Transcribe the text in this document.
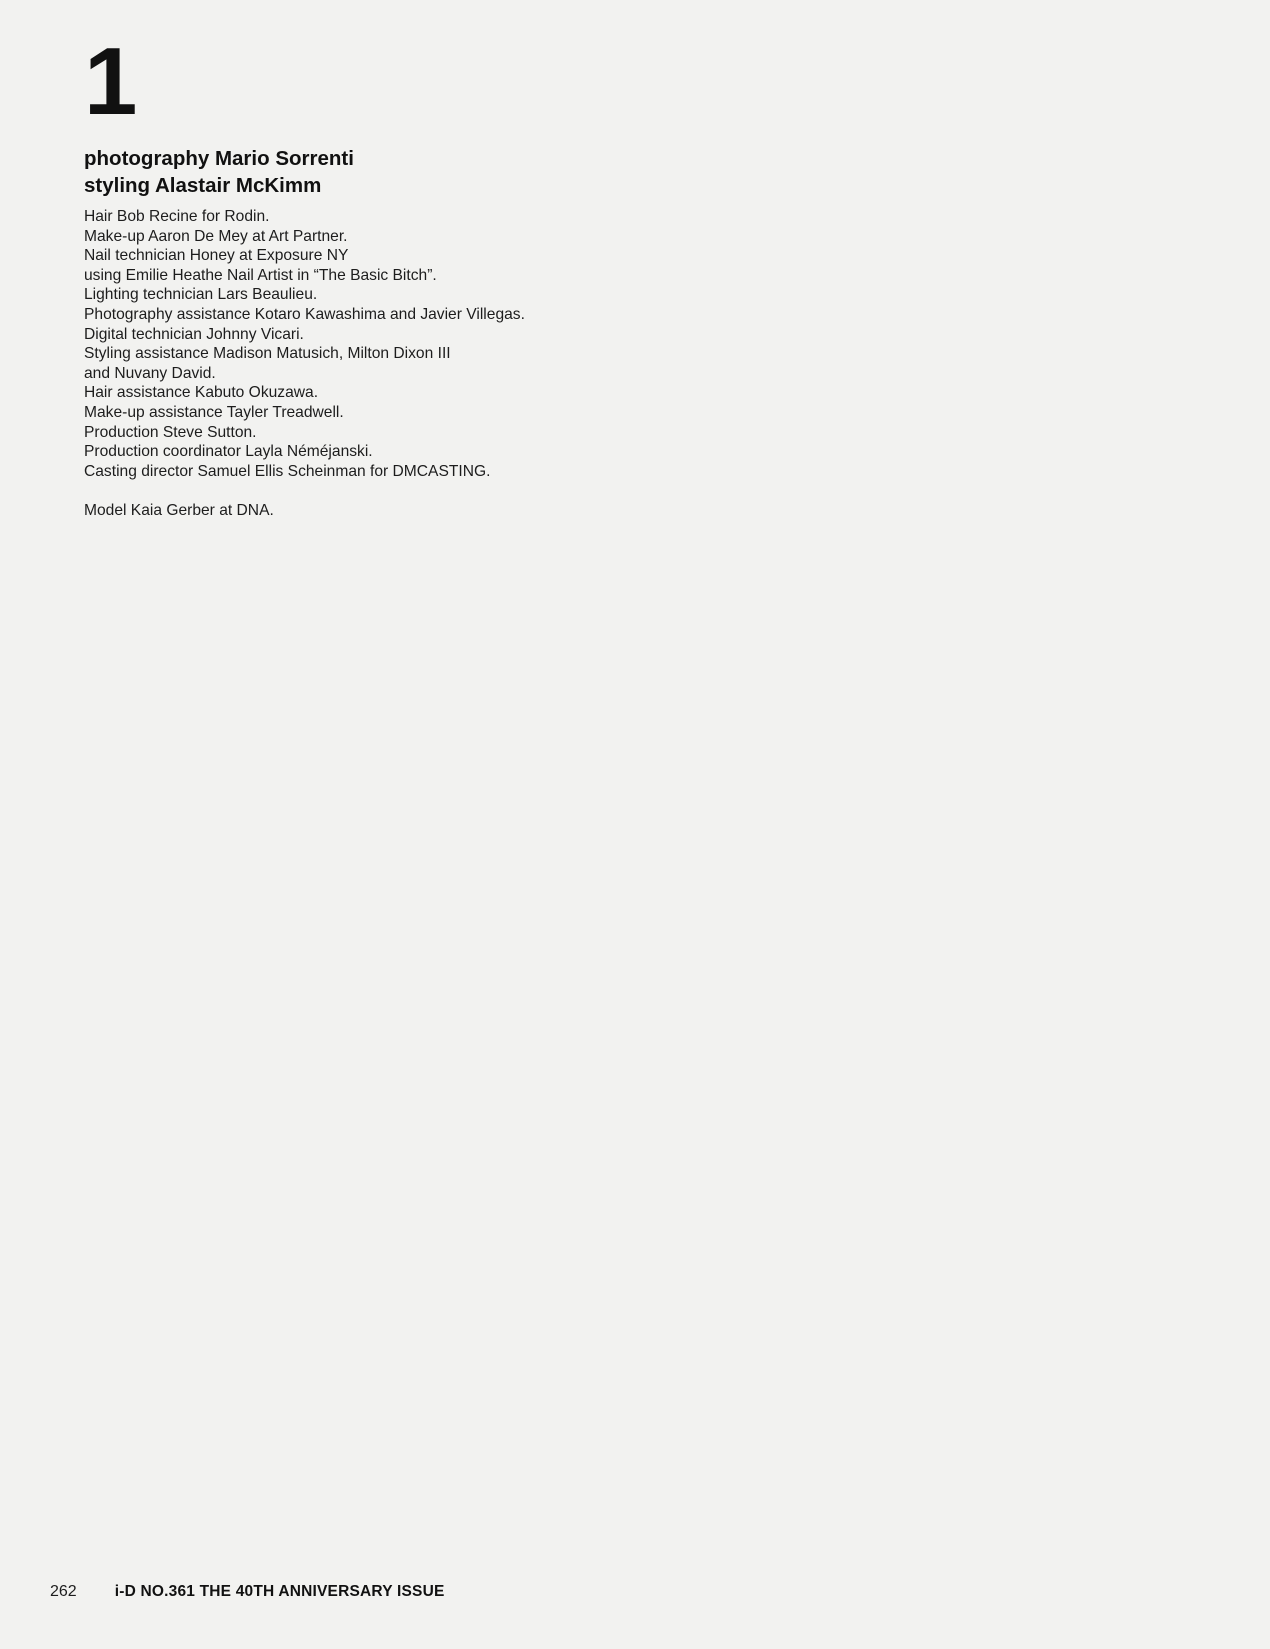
1
photography Mario Sorrenti
styling Alastair McKimm
Hair Bob Recine for Rodin.
Make-up Aaron De Mey at Art Partner.
Nail technician Honey at Exposure NY
using Emilie Heathe Nail Artist in “The Basic Bitch”.
Lighting technician Lars Beaulieu.
Photography assistance Kotaro Kawashima and Javier Villegas.
Digital technician Johnny Vicari.
Styling assistance Madison Matusich, Milton Dixon III
and Nuvany David.
Hair assistance Kabuto Okuzawa.
Make-up assistance Tayler Treadwell.
Production Steve Sutton.
Production coordinator Layla Néméjanski.
Casting director Samuel Ellis Scheinman for DMCASTING.
Model Kaia Gerber at DNA.
262 i-D NO.361 THE 40TH ANNIVERSARY ISSUE
